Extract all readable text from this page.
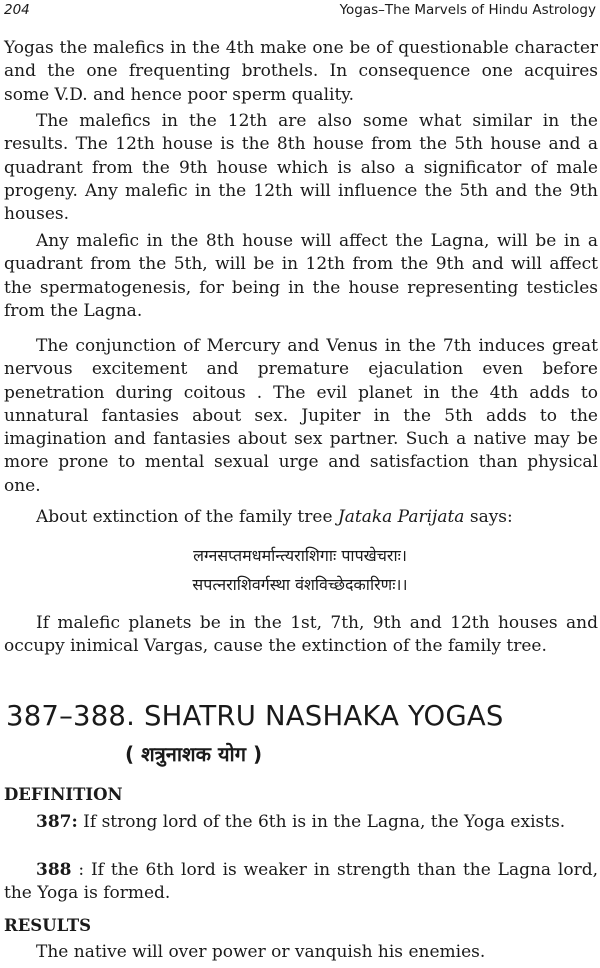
204	Yogas–The Marvels of Hindu Astrology

Yogas the malefics in the 4th make one be of questionable character and the one frequenting brothels. In consequence one acquires some V.D. and hence poor sperm quality.

The malefics in the 12th are also some what similar in the results. The 12th house is the 8th house from the 5th house and a quadrant from the 9th house which is also a significator of male progeny. Any malefic in the 12th will influence the 5th and the 9th houses.

Any malefic in the 8th house will affect the Lagna, will be in a quadrant from the 5th, will be in 12th from the 9th and will affect the spermatogenesis, for being in the house representing testicles from the Lagna.

The conjunction of Mercury and Venus in the 7th induces great nervous excitement and premature ejaculation even before penetration during coitous . The evil planet in the 4th adds to unnatural fantasies about sex. Jupiter in the 5th adds to the imagination and fantasies about sex partner. Such a native may be more prone to mental sexual urge and satisfaction than physical one.

About extinction of the family tree Jataka Parijata says:

लग्नसप्तमधर्मान्त्यराशिगाः पापखेचराः।
सपत्नराशिवर्गस्था वंशविच्छेदकारिणः।।

If malefic planets be in the 1st, 7th, 9th and 12th houses and occupy inimical Vargas, cause the extinction of the family tree.

387–388. SHATRU NASHAKA YOGAS
( शत्रुनाशक योग )
DEFINITION

387: If strong lord of the 6th is in the Lagna, the Yoga exists.

388 : If the 6th lord is weaker in strength than the Lagna lord, the Yoga is formed.

RESULTS

The native will over power or vanquish his enemies.
